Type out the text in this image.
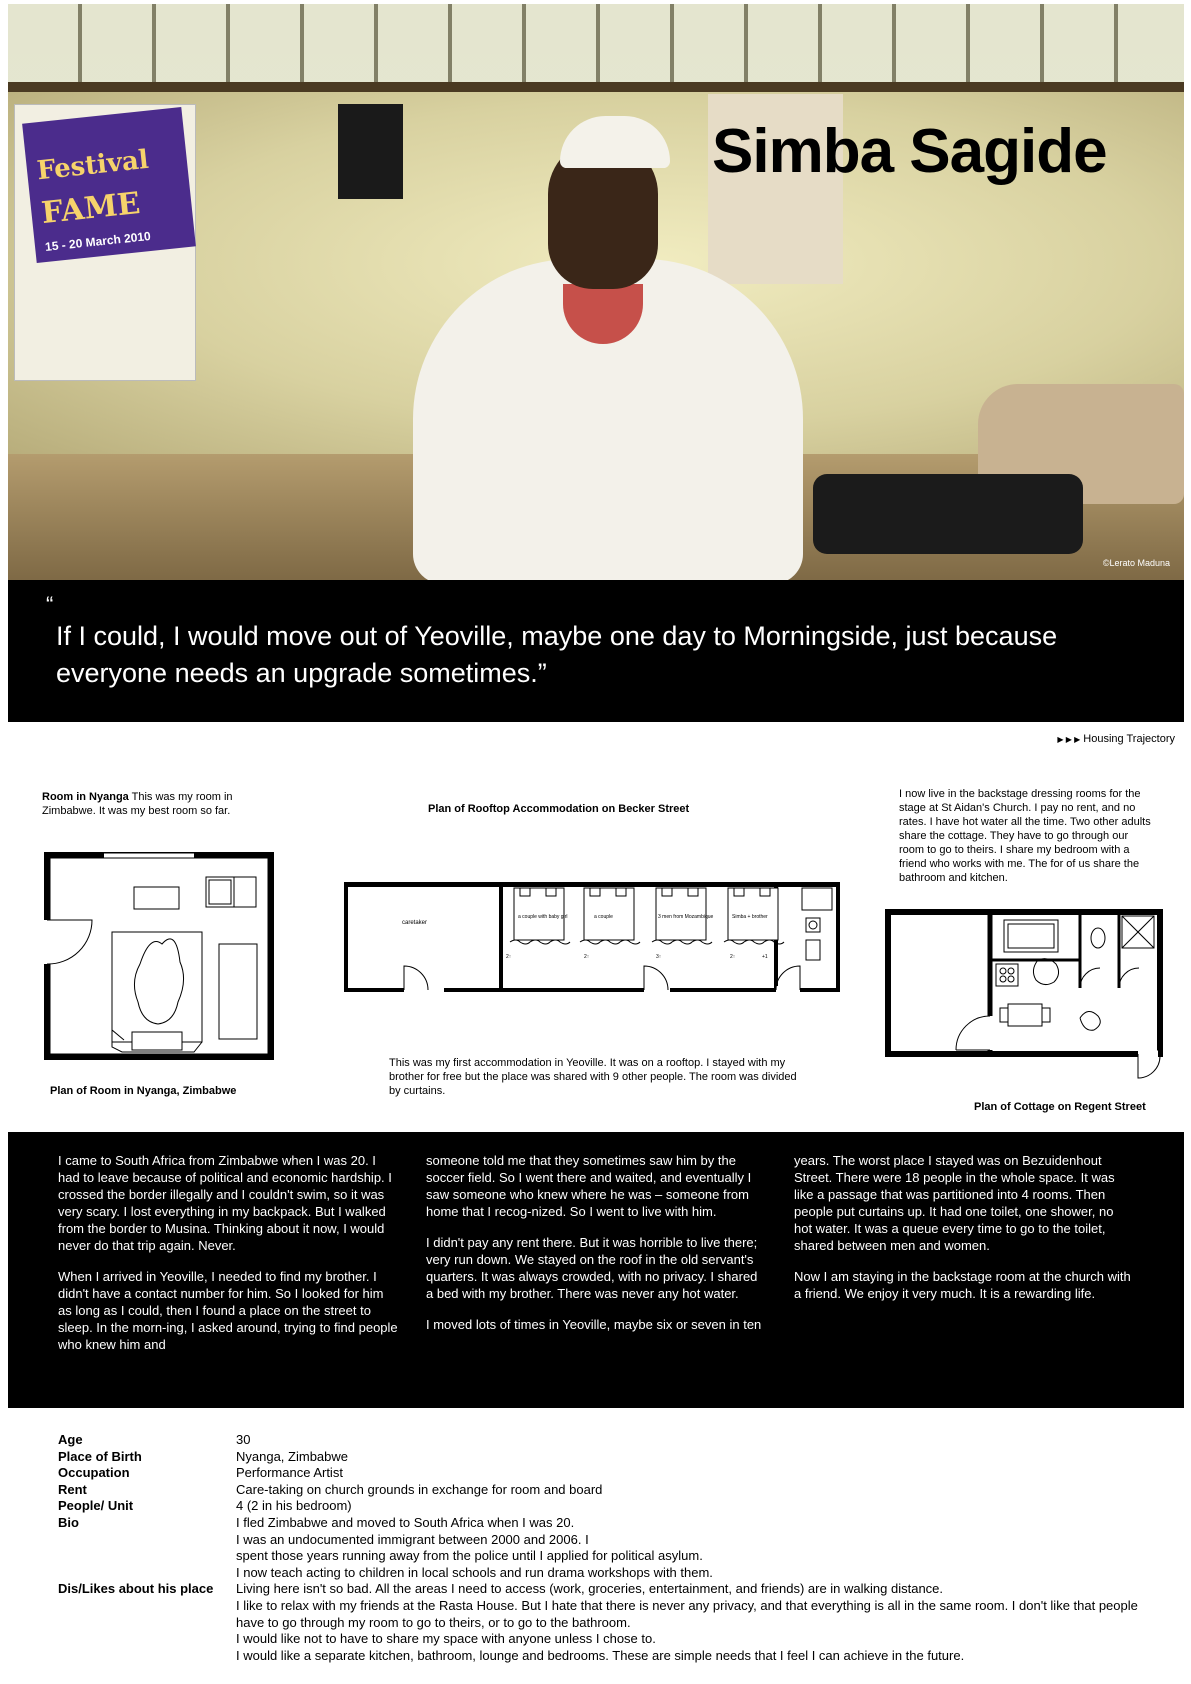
Festival
FAME
15 - 20 March 2010
©Lerato Maduna
Simba Sagide
“
If I could, I would move out of Yeoville, maybe one day to Morningside, just because everyone needs an upgrade sometimes.”
▶ ▶ ▶ Housing Trajectory
Room in Nyanga This was my room in Zimbabwe. It was my best room so far.
Plan of Room in Nyanga, Zimbabwe
Plan of Rooftop Accommodation on Becker Street
caretaker
a couple with baby girl	a couple	3 men from Mozambique	Simba + brother
2↑	2↑	3↑	2↑	+1
This was my first accommodation in Yeoville. It was on a rooftop. I stayed with my brother for free but the place was shared with 9 other people. The room was divided by curtains.
I now live in the backstage dressing rooms for the stage at St Aidan's Church. I pay no rent, and no rates. I have hot water all the time. Two other adults share the cottage. They have to go through our room to go to theirs. I share my bedroom with a friend who works with me. The for of us share the bathroom and kitchen.
Plan of Cottage on Regent Street

I came to South Africa from Zimbabwe when I was 20. I had to leave because of political and economic hardship. I crossed the border illegally and I couldn't swim, so it was very scary. I lost everything in my backpack. But I walked from the border to Musina. Thinking about it now, I would never do that trip again. Never.

When I arrived in Yeoville, I needed to find my brother. I didn't have a contact number for him. So I looked for him as long as I could, then I found a place on the street to sleep. In the morn-ing, I asked around, trying to find people who knew him and

someone told me that they sometimes saw him by the soccer field. So I went there and waited, and eventually I saw someone who knew where he was – someone from home that I recog-nized. So I went to live with him.

I didn't pay any rent there. But it was horrible to live there; very run down. We stayed on the roof in the old servant's quarters. It was always crowded, with no privacy. I shared a bed with my brother. There was never any hot water.

I moved lots of times in Yeoville, maybe six or seven in ten

years. The worst place I stayed was on Bezuidenhout Street. There were 18 people in the whole space. It was like a passage that was partitioned into 4 rooms. Then people put curtains up. It had one toilet, one shower, no hot water. It was a queue every time to go to the toilet, shared between men and women.

Now I am staying in the backstage room at the church with a friend. We enjoy it very much. It is a rewarding life.

Age	30
Place of Birth	Nyanga, Zimbabwe
Occupation	Performance Artist
Rent	Care-taking on church grounds in exchange for room and board
People/ Unit	4 (2 in his bedroom)
Bio	I fled Zimbabwe and moved to South Africa when I was 20.
I was an undocumented immigrant between 2000 and 2006. I
spent those years running away from the police until I applied for political asylum.
I now teach acting to children in local schools and run drama workshops with them.
Dis/Likes about his place	Living here isn't so bad. All the areas I need to access (work, groceries, entertainment, and friends) are in walking distance.
I like to relax with my friends at the Rasta House. But I hate that there is never any privacy, and that everything is all in the same room. I don't like that people have to go through my room to go to theirs, or to go to the bathroom.
I would like not to have to share my space with anyone unless I chose to.
I would like a separate kitchen, bathroom, lounge and bedrooms. These are simple needs that I feel I can achieve in the future.
